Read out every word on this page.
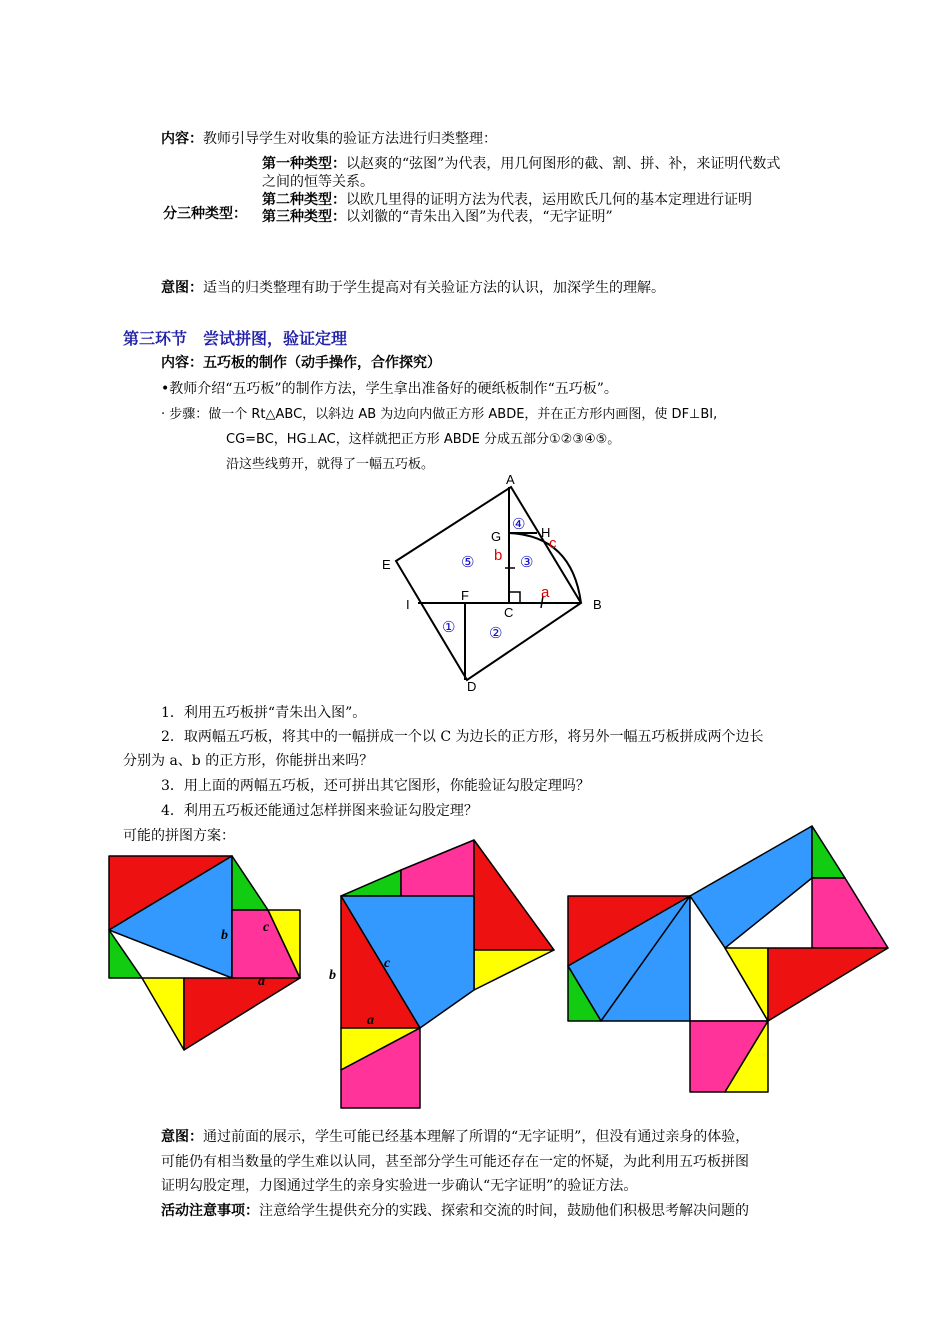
内容：教师引导学生对收集的验证方法进行归类整理：
第一种类型：以赵爽的“弦图”为代表，用几何图形的截、割、拼、补，来证明代数式
之间的恒等关系。
分三种类型：
第二种类型：以欧几里得的证明方法为代表，运用欧氏几何的基本定理进行证明
第三种类型：以刘徽的“青朱出入图”为代表，“无字证明”
意图：适当的归类整理有助于学生提高对有关验证方法的认识，加深学生的理解。
第三环节　尝试拼图，验证定理
内容：五巧板的制作（动手操作，合作探究）
•教师介绍“五巧板”的制作方法，学生拿出准备好的硬纸板制作“五巧板”。
· 步骤：做一个 Rt△ABC，以斜边 AB 为边向内做正方形 ABDE，并在正方形内画图，使 DF⊥BI,
CG=BC，HG⊥AC，这样就把正方形 ABDE 分成五部分①②③④⑤。
沿这些线剪开，就得了一幅五巧板。
A
B
C
D
E
F
G	H
I
b
c
a
① ②
③
④
⑤
1．利用五巧板拼“青朱出入图”。
2．取两幅五巧板，将其中的一幅拼成一个以 C 为边长的正方形，将另外一幅五巧板拼成两个边长
分别为 a、b 的正方形，你能拼出来吗？
3．用上面的两幅五巧板，还可拼出其它图形，你能验证勾股定理吗？
4．利用五巧板还能通过怎样拼图来验证勾股定理？
可能的拼图方案：
b
c
a	b
c
a
意图：通过前面的展示，学生可能已经基本理解了所谓的“无字证明”，但没有通过亲身的体验，
可能仍有相当数量的学生难以认同，甚至部分学生可能还存在一定的怀疑，为此利用五巧板拼图
证明勾股定理，力图通过学生的亲身实验进一步确认“无字证明”的验证方法。
活动注意事项：注意给学生提供充分的实践、探索和交流的时间，鼓励他们积极思考解决问题的
